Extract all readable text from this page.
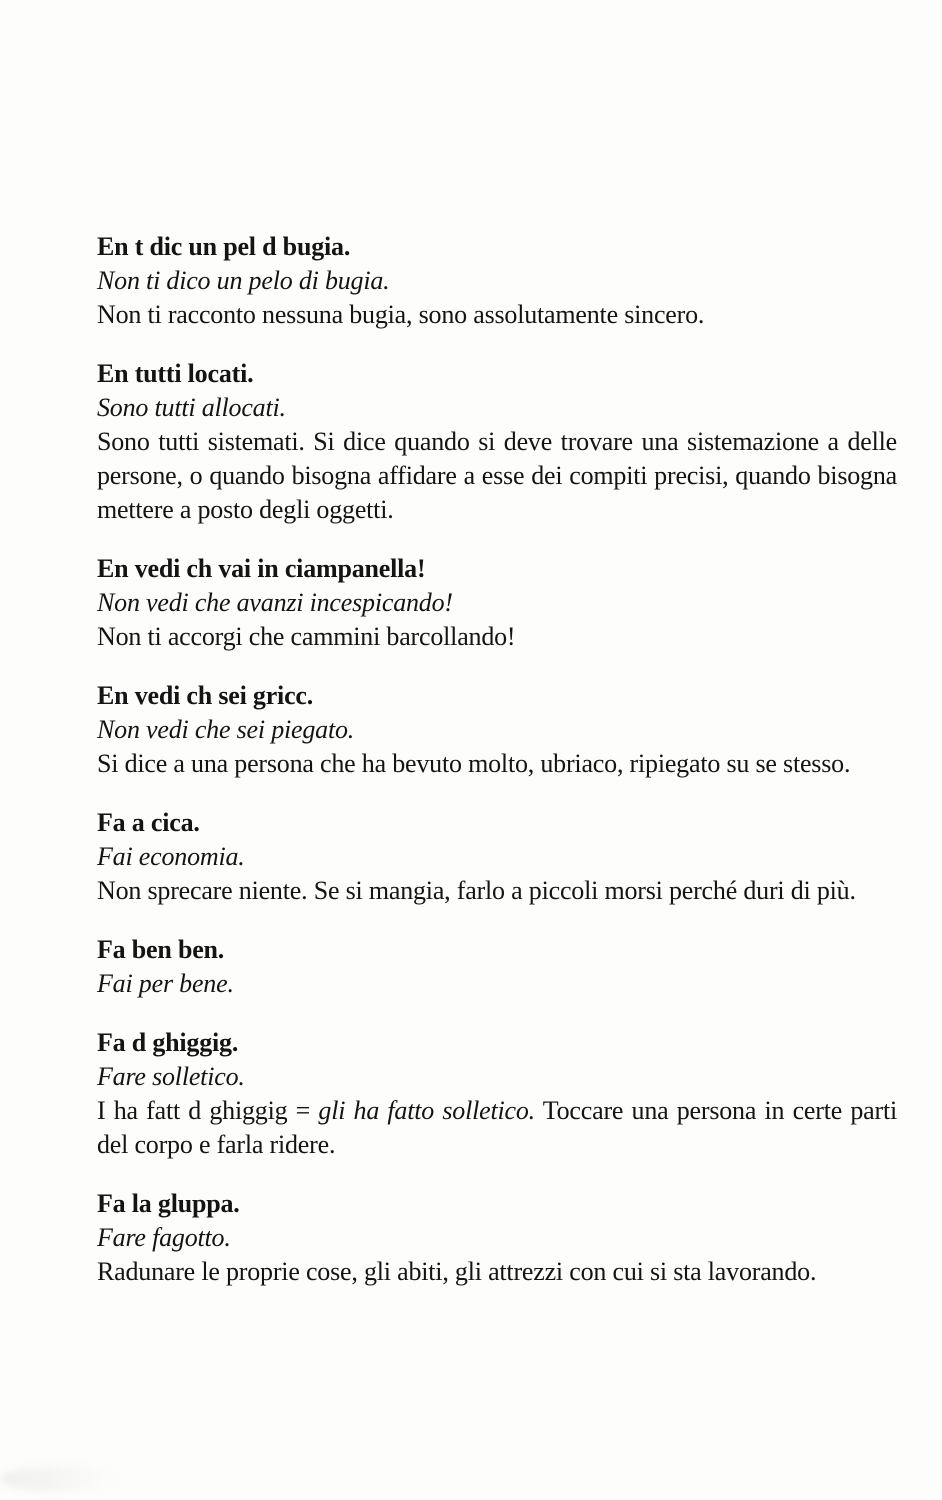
En t dic un pel d bugia.

Non ti dico un pelo di bugia.

Non ti racconto nessuna bugia, sono assolutamente sincero.

En tutti locati.

Sono tutti allocati.

Sono tutti sistemati. Si dice quando si deve trovare una sistemazione a delle persone, o quando bisogna affidare a esse dei compiti precisi, quando bisogna mettere a posto degli oggetti.

En vedi ch vai in ciampanella!

Non vedi che avanzi incespicando!

Non ti accorgi che cammini barcollando!

En vedi ch sei gricc.

Non vedi che sei piegato.

Si dice a una persona che ha bevuto molto, ubriaco, ripiegato su se stesso.

Fa a cica.

Fai economia.

Non sprecare niente. Se si mangia, farlo a piccoli morsi perché duri di più.

Fa ben ben.

Fai per bene.

Fa d ghiggig.

Fare solletico.

I ha fatt d ghiggig = gli ha fatto solletico. Toccare una persona in certe parti del corpo e farla ridere.

Fa la gluppa.

Fare fagotto.

Radunare le proprie cose, gli abiti, gli attrezzi con cui si sta lavorando.
